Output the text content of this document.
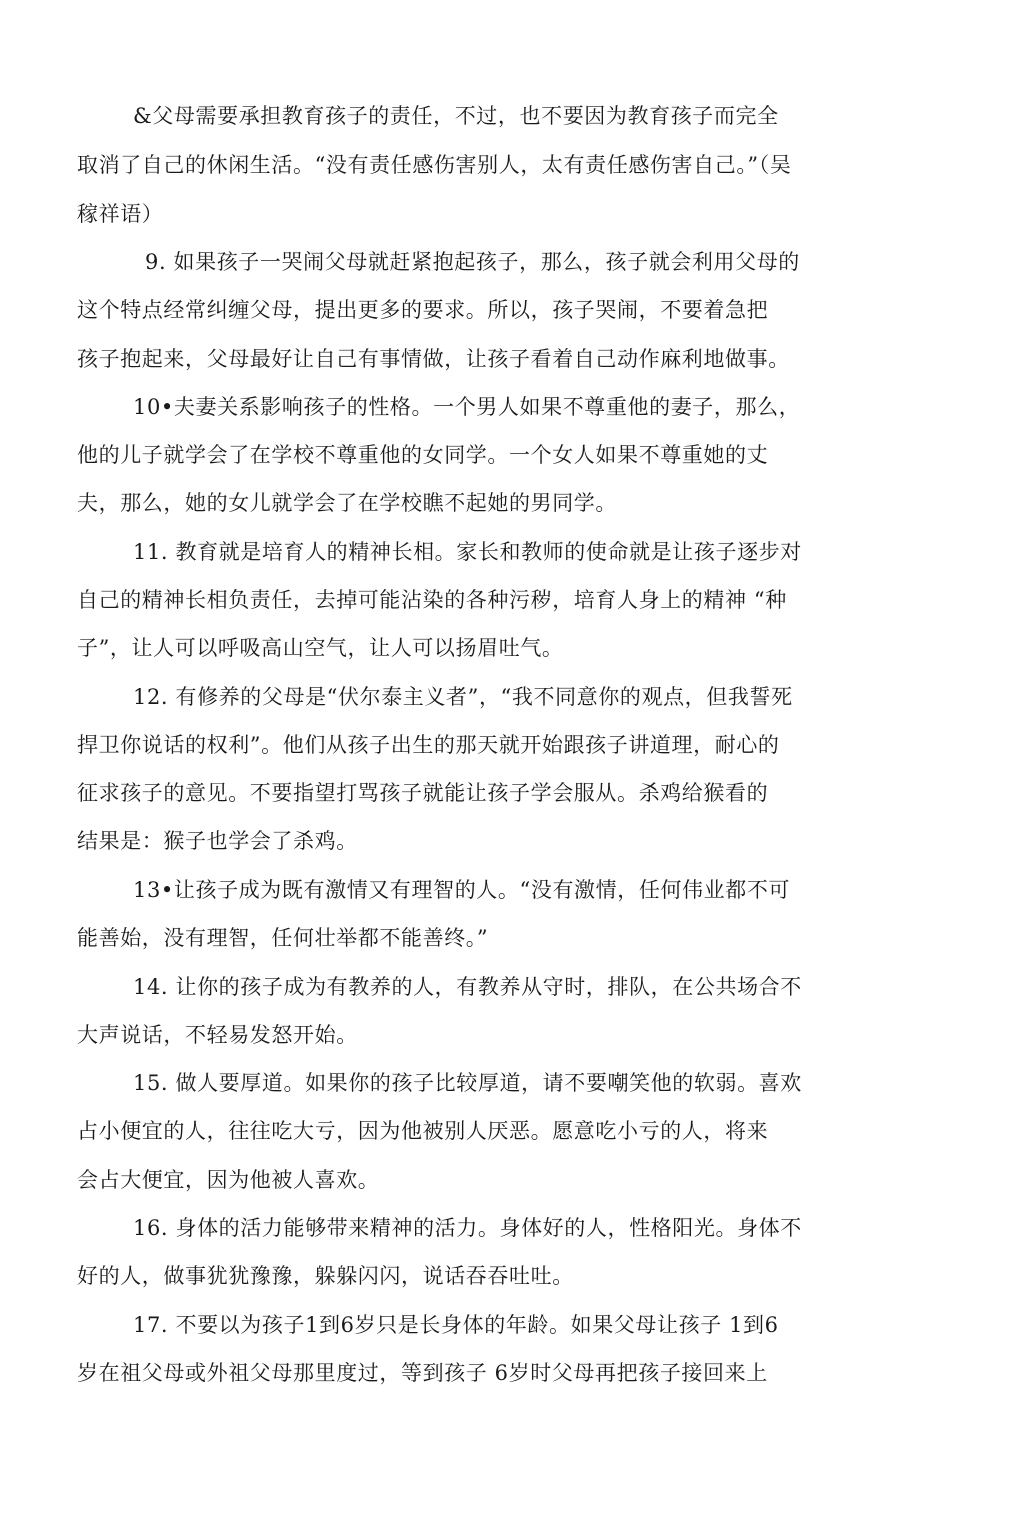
&父母需要承担教育孩子的责任，不过，也不要因为教育孩子而完全
取消了自己的休闲生活。“没有责任感伤害别人，太有责任感伤害自己。”（吴
稼祥语）
9. 如果孩子一哭闹父母就赶紧抱起孩子，那么，孩子就会利用父母的
这个特点经常纠缠父母，提出更多的要求。所以，孩子哭闹，不要着急把
孩子抱起来，父母最好让自己有事情做，让孩子看着自己动作麻利地做事。
10•夫妻关系影响孩子的性格。一个男人如果不尊重他的妻子，那么，
他的儿子就学会了在学校不尊重他的女同学。一个女人如果不尊重她的丈
夫，那么，她的女儿就学会了在学校瞧不起她的男同学。
11. 教育就是培育人的精神长相。家长和教师的使命就是让孩子逐步对
自己的精神长相负责任，去掉可能沾染的各种污秽，培育人身上的精神 “种
子”，让人可以呼吸高山空气，让人可以扬眉吐气。
12. 有修养的父母是“伏尔泰主义者”，“我不同意你的观点，但我誓死
捍卫你说话的权利”。他们从孩子出生的那天就开始跟孩子讲道理，耐心的
征求孩子的意见。不要指望打骂孩子就能让孩子学会服从。杀鸡给猴看的
结果是：猴子也学会了杀鸡。
13•让孩子成为既有激情又有理智的人。“没有激情，任何伟业都不可
能善始，没有理智，任何壮举都不能善终。”
14. 让你的孩子成为有教养的人，有教养从守时，排队，在公共场合不
大声说话，不轻易发怒开始。
15. 做人要厚道。如果你的孩子比较厚道，请不要嘲笑他的软弱。喜欢
占小便宜的人，往往吃大亏，因为他被别人厌恶。愿意吃小亏的人，将来
会占大便宜，因为他被人喜欢。
16. 身体的活力能够带来精神的活力。身体好的人，性格阳光。身体不
好的人，做事犹犹豫豫，躲躲闪闪，说话吞吞吐吐。
17. 不要以为孩子1到6岁只是长身体的年龄。如果父母让孩子 1到6
岁在祖父母或外祖父母那里度过，等到孩子 6岁时父母再把孩子接回来上
